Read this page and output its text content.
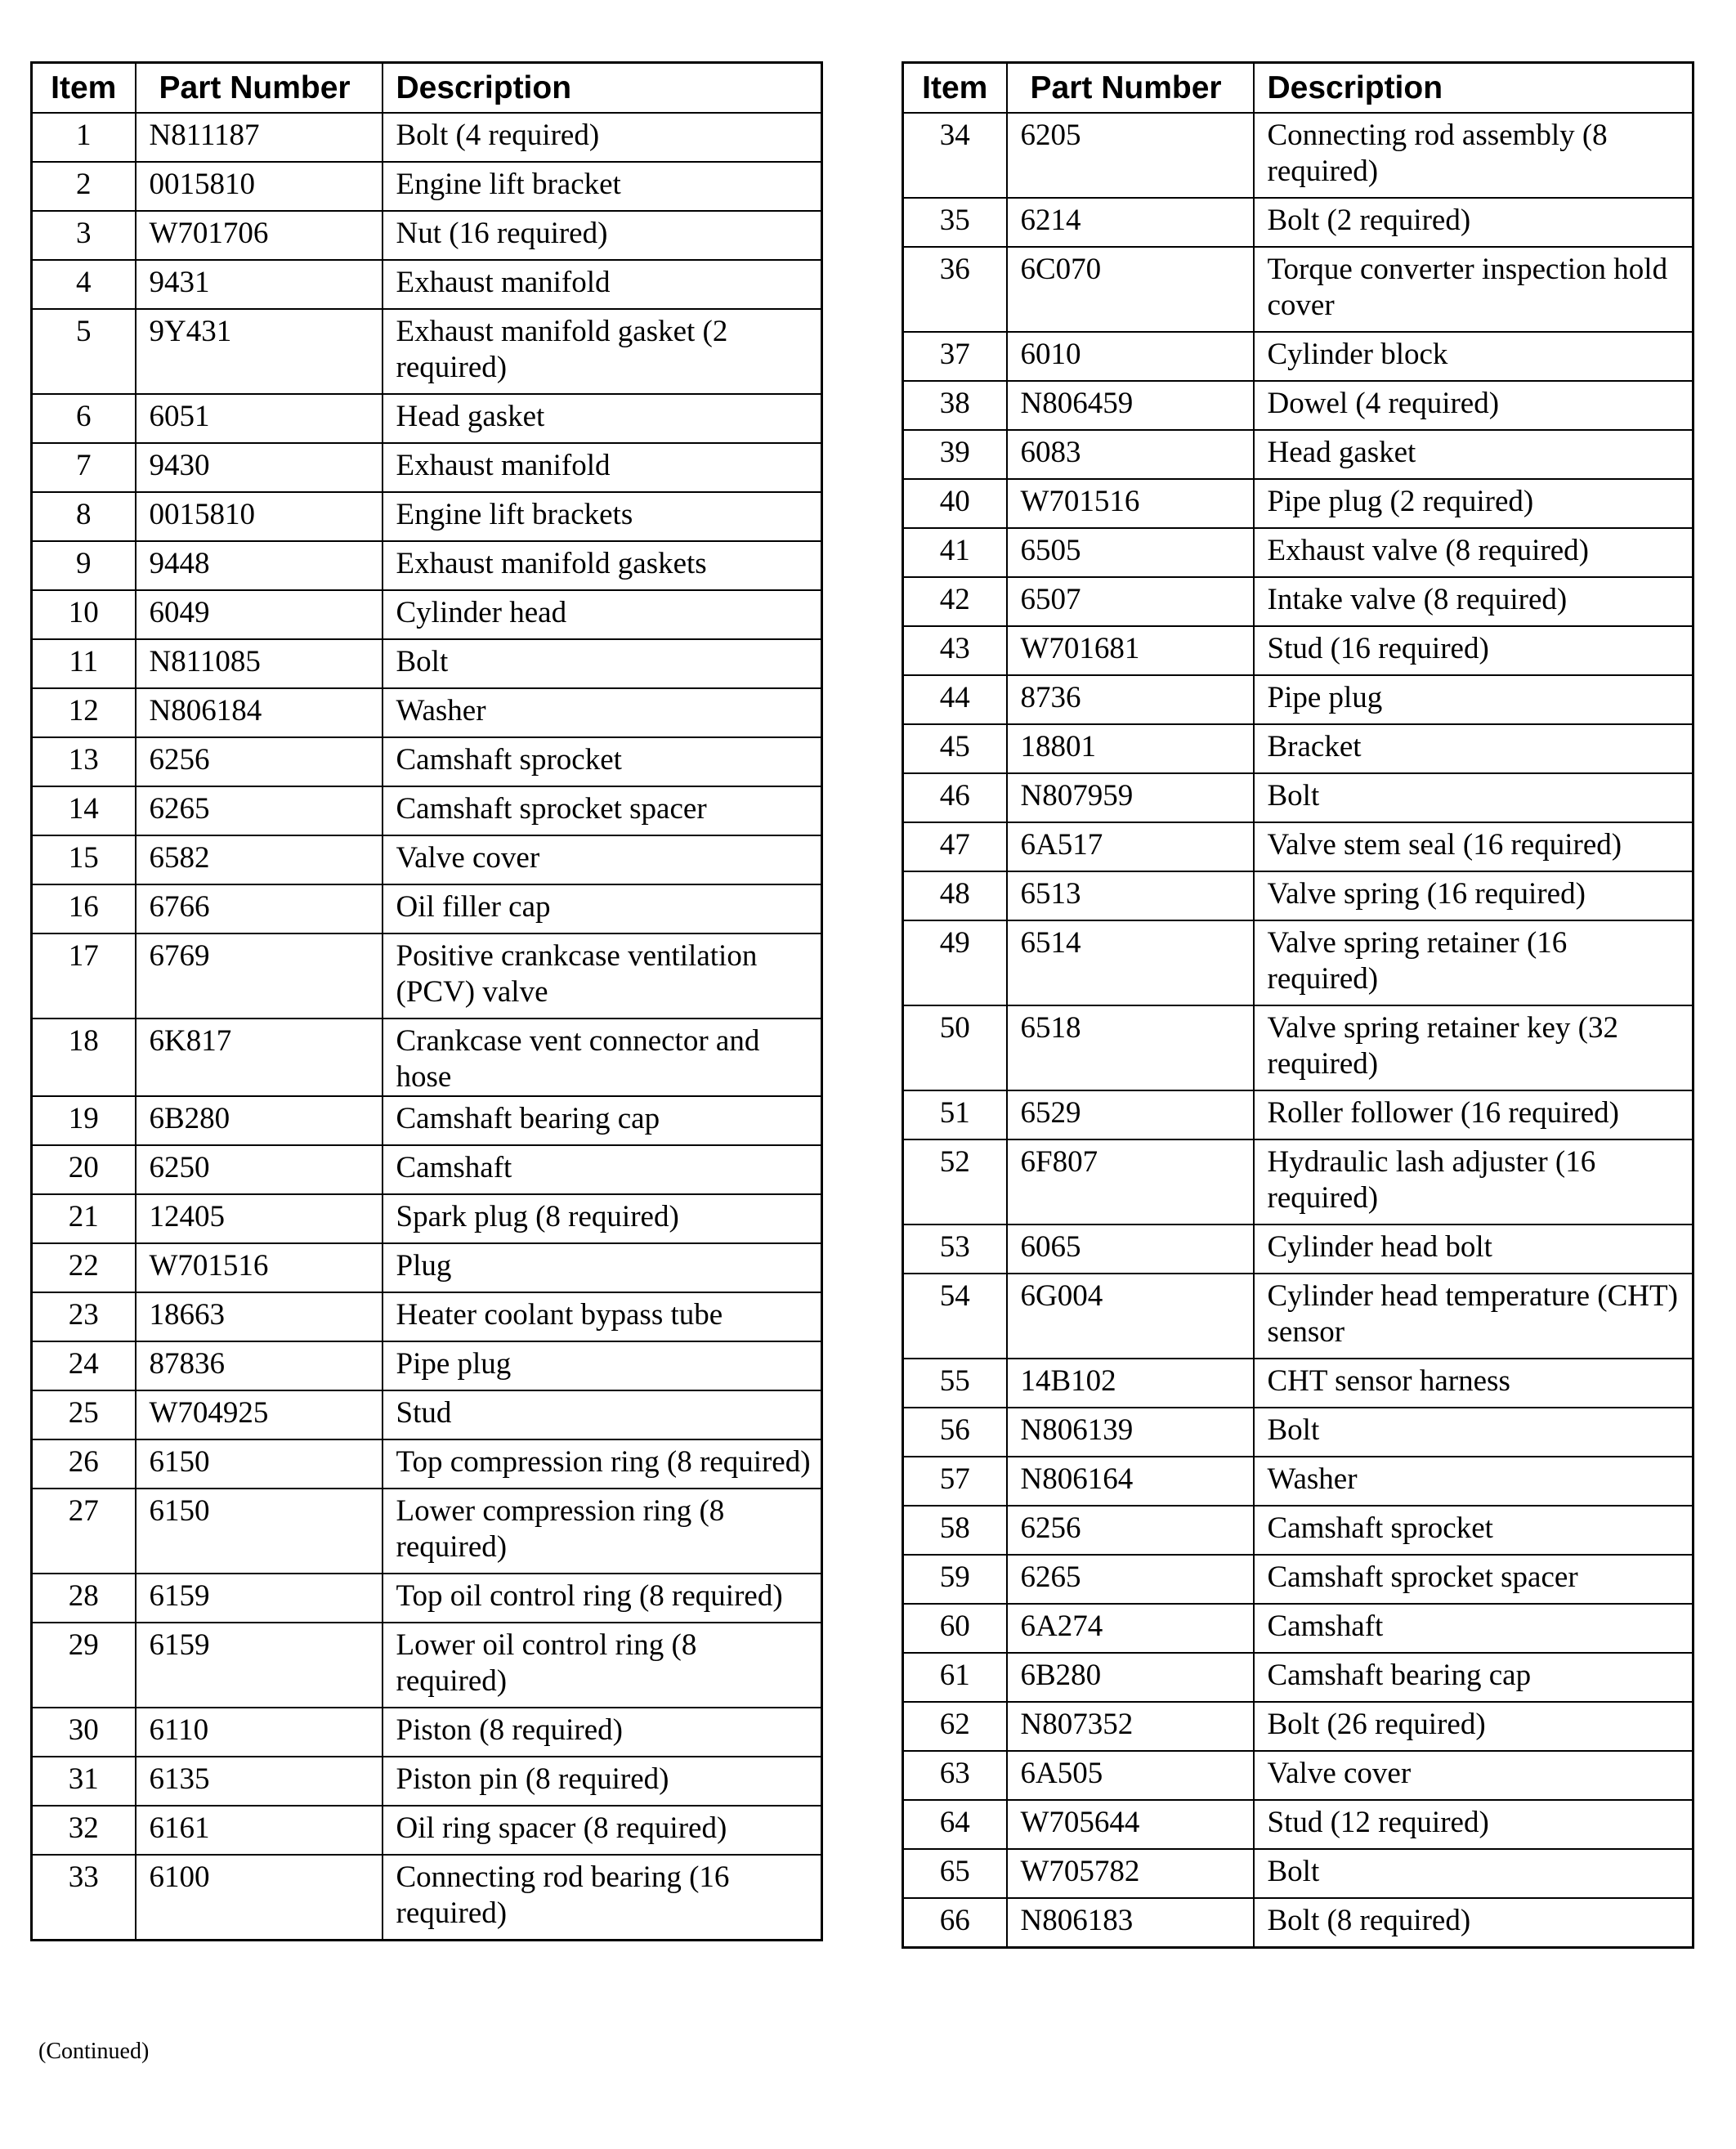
Item	Part Number	Description
1	N811187	Bolt (4 required)
2	0015810	Engine lift bracket
3	W701706	Nut (16 required)
4	9431	Exhaust manifold
5	9Y431	Exhaust manifold gasket (2 required)
6	6051	Head gasket
7	9430	Exhaust manifold
8	0015810	Engine lift brackets
9	9448	Exhaust manifold gaskets
10	6049	Cylinder head
11	N811085	Bolt
12	N806184	Washer
13	6256	Camshaft sprocket
14	6265	Camshaft sprocket spacer
15	6582	Valve cover
16	6766	Oil filler cap
17	6769	Positive crankcase ventilation (PCV) valve
18	6K817	Crankcase vent connector and hose
19	6B280	Camshaft bearing cap
20	6250	Camshaft
21	12405	Spark plug (8 required)
22	W701516	Plug
23	18663	Heater coolant bypass tube
24	87836	Pipe plug
25	W704925	Stud
26	6150	Top compression ring (8 required)
27	6150	Lower compression ring (8 required)
28	6159	Top oil control ring (8 required)
29	6159	Lower oil control ring (8 required)
30	6110	Piston (8 required)
31	6135	Piston pin (8 required)
32	6161	Oil ring spacer (8 required)
33	6100	Connecting rod bearing (16 required)
Item	Part Number	Description
34	6205	Connecting rod assembly (8 required)
35	6214	Bolt (2 required)
36	6C070	Torque converter inspection hold cover
37	6010	Cylinder block
38	N806459	Dowel (4 required)
39	6083	Head gasket
40	W701516	Pipe plug (2 required)
41	6505	Exhaust valve (8 required)
42	6507	Intake valve (8 required)
43	W701681	Stud (16 required)
44	8736	Pipe plug
45	18801	Bracket
46	N807959	Bolt
47	6A517	Valve stem seal (16 required)
48	6513	Valve spring (16 required)
49	6514	Valve spring retainer (16 required)
50	6518	Valve spring retainer key (32 required)
51	6529	Roller follower (16 required)
52	6F807	Hydraulic lash adjuster (16 required)
53	6065	Cylinder head bolt
54	6G004	Cylinder head temperature (CHT) sensor
55	14B102	CHT sensor harness
56	N806139	Bolt
57	N806164	Washer
58	6256	Camshaft sprocket
59	6265	Camshaft sprocket spacer
60	6A274	Camshaft
61	6B280	Camshaft bearing cap
62	N807352	Bolt (26 required)
63	6A505	Valve cover
64	W705644	Stud (12 required)
65	W705782	Bolt
66	N806183	Bolt (8 required)
(Continued)
